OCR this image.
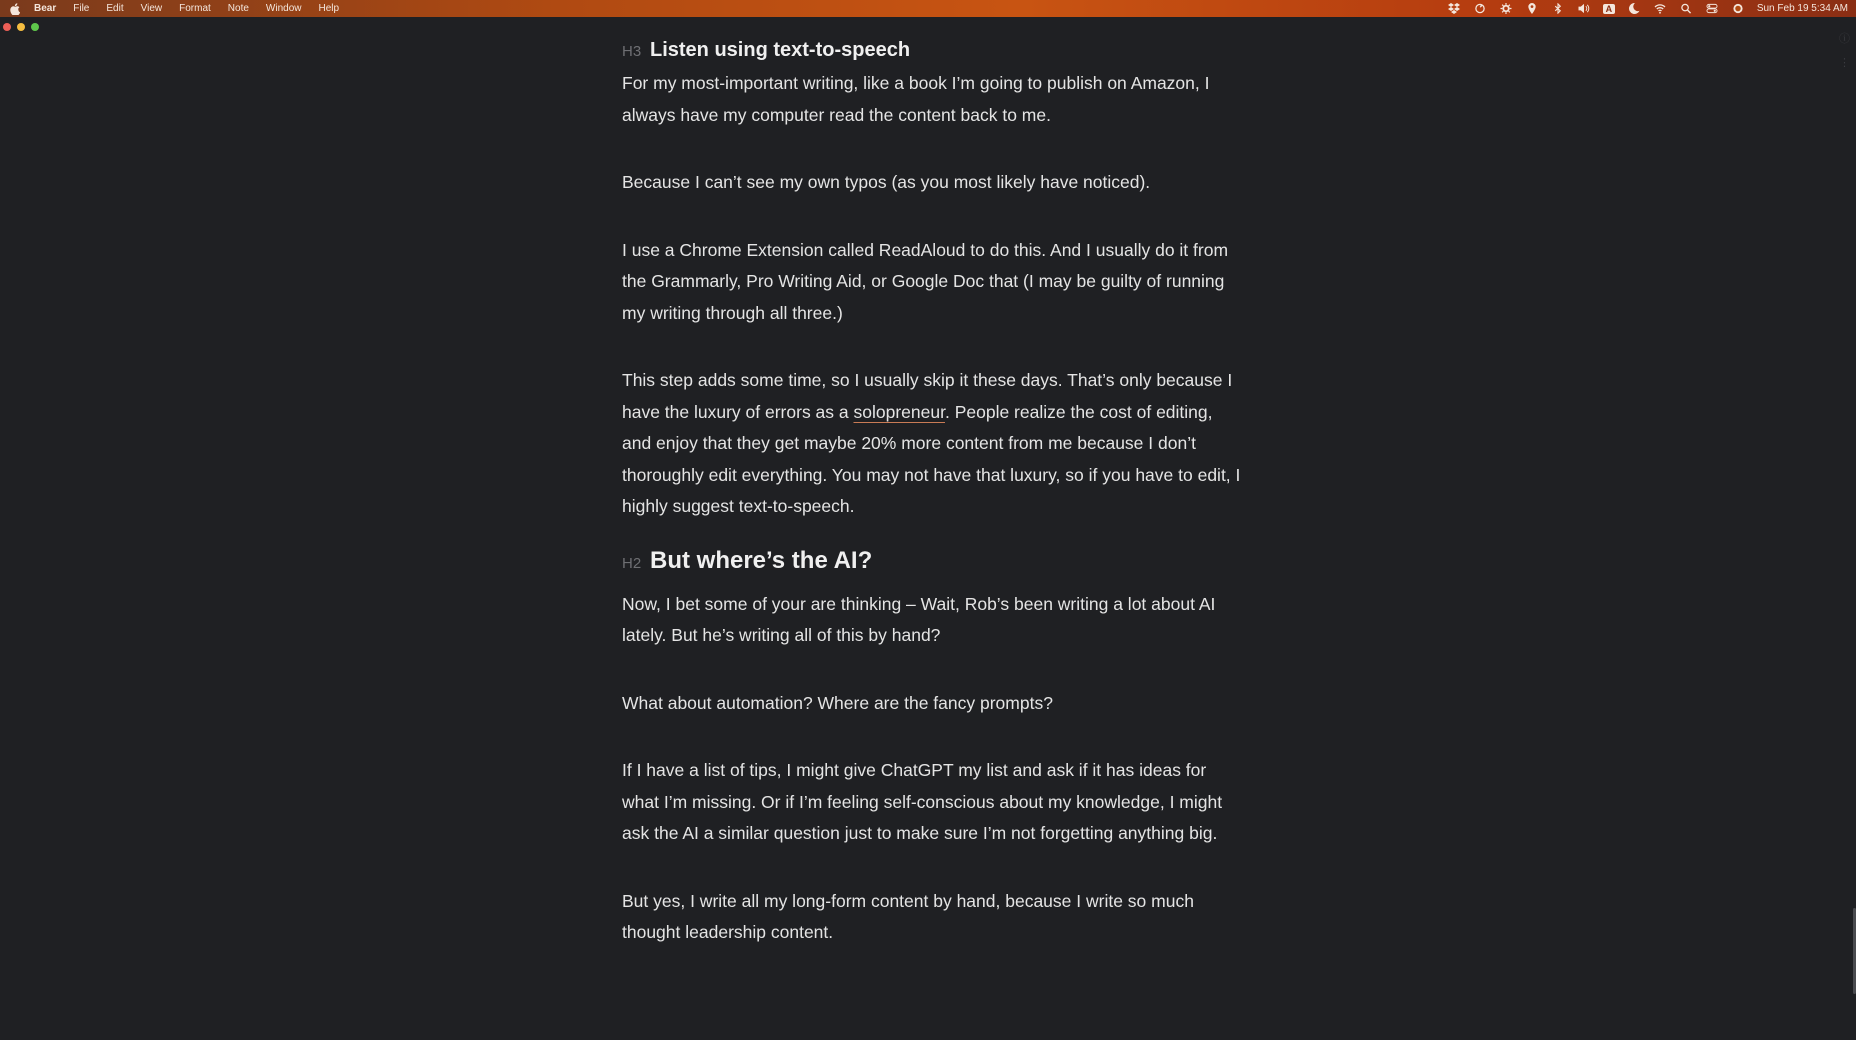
Bear File Edit View Format Note Window Help	A	Sun Feb 19 5:34 AM
ⓘ
⋮
H3 Listen using text-to-speech

For my most-important writing, like a book I’m going to publish on Amazon, I always have my computer read the content back to me.

Because I can’t see my own typos (as you most likely have noticed).

I use a Chrome Extension called ReadAloud to do this. And I usually do it from the Grammarly, Pro Writing Aid, or Google Doc that (I may be guilty of running my writing through all three.)

This step adds some time, so I usually skip it these days. That’s only because I have the luxury of errors as a solopreneur. People realize the cost of editing, and enjoy that they get maybe 20% more content from me because I don’t thoroughly edit everything. You may not have that luxury, so if you have to edit, I highly suggest text-to-speech.

H2 But where’s the AI?

Now, I bet some of your are thinking – Wait, Rob’s been writing a lot about AI lately. But he’s writing all of this by hand?

What about automation? Where are the fancy prompts?

If I have a list of tips, I might give ChatGPT my list and ask if it has ideas for what I’m missing. Or if I’m feeling self-conscious about my knowledge, I might ask the AI a similar question just to make sure I’m not forgetting anything big.

But yes, I write all my long-form content by hand, because I write so much thought leadership content.
